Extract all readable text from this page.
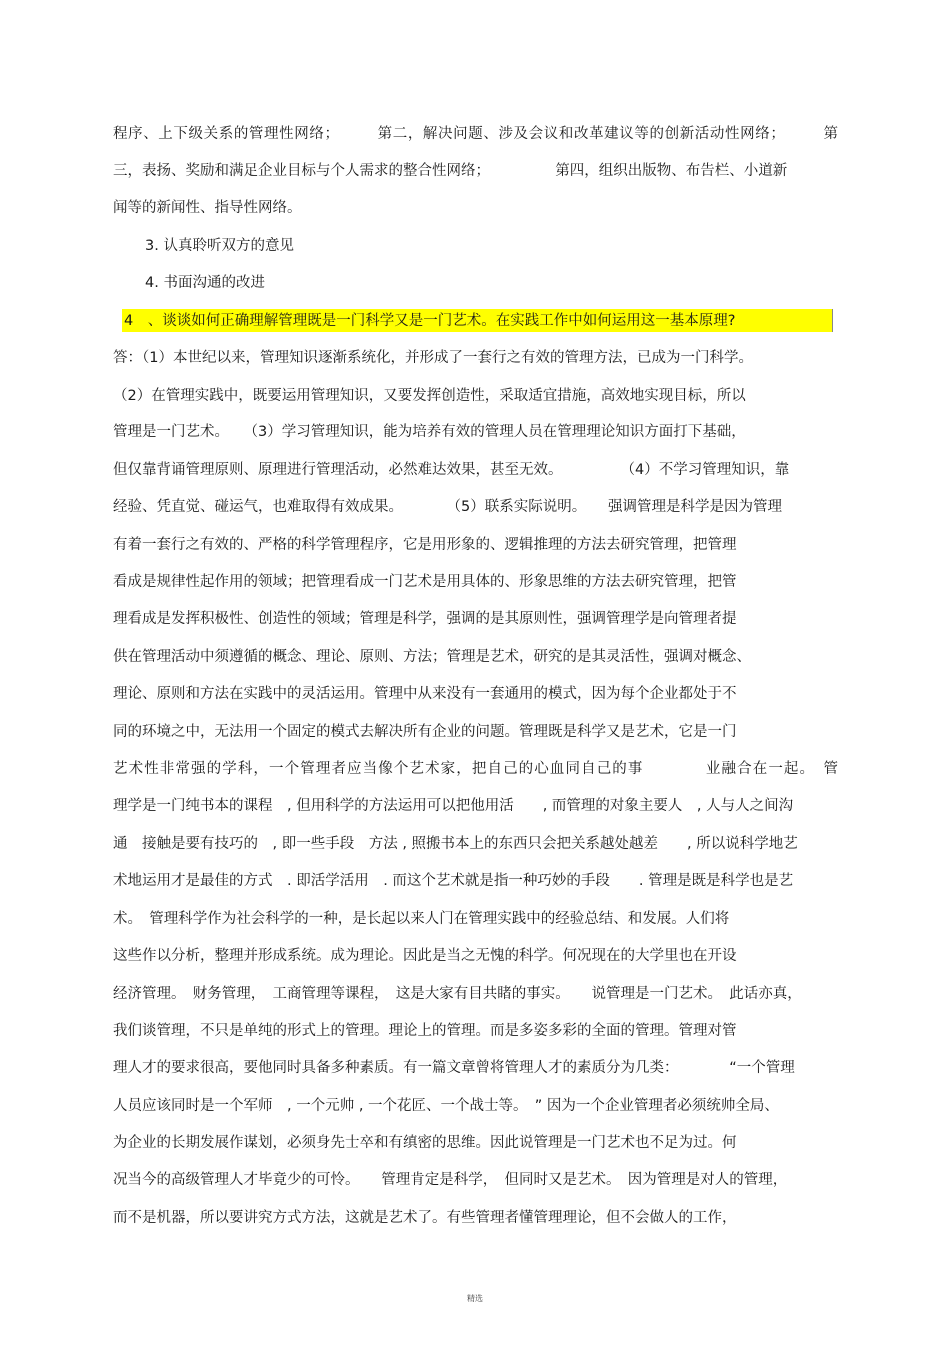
程序、上下级关系的管理性网络；　　　第二，解决问题、涉及会议和改革建议等的创新活动性网络；　　　第
三，表扬、奖励和满足企业目标与个人需求的整合性网络；　　　　　第四，组织出版物、布告栏、小道新
闻等的新闻性、指导性网络。
3. 认真聆听双方的意见
4. 书面沟通的改进
4　、谈谈如何正确理解管理既是一门科学又是一门艺术。在实践工作中如何运用这一基本原理?
答：（1）本世纪以来，管理知识逐渐系统化，并形成了一套行之有效的管理方法，已成为一门科学。
（2）在管理实践中，既要运用管理知识，又要发挥创造性，采取适宜措施，高效地实现目标，所以
管理是一门艺术。　　（3）学习管理知识，能为培养有效的管理人员在管理理论知识方面打下基础，
但仅靠背诵管理原则、原理进行管理活动，必然难达效果，甚至无效。　　　　　（4）不学习管理知识，靠
经验、凭直觉、碰运气，也难取得有效成果。　　　　（5）联系实际说明。　　强调管理是科学是因为管理
有着一套行之有效的、严格的科学管理程序，它是用形象的、逻辑推理的方法去研究管理，把管理
看成是规律性起作用的领域；把管理看成一门艺术是用具体的、形象思维的方法去研究管理，把管
理看成是发挥积极性、创造性的领域；管理是科学，强调的是其原则性，强调管理学是向管理者提
供在管理活动中须遵循的概念、理论、原则、方法；管理是艺术，研究的是其灵活性，强调对概念、
理论、原则和方法在实践中的灵活运用。管理中从来没有一套通用的模式，因为每个企业都处于不
同的环境之中，无法用一个固定的模式去解决所有企业的问题。管理既是科学又是艺术，它是一门
艺术性非常强的学科，一个管理者应当像个艺术家，把自己的心血同自己的事　　　　业融合在一起。　管
理学是一门纯书本的课程　, 但用科学的方法运用可以把他用活　　, 而管理的对象主要人　, 人与人之间沟
通　接触是要有技巧的　, 即一些手段　方法 , 照搬书本上的东西只会把关系越处越差　　, 所以说科学地艺
术地运用才是最佳的方式　. 即活学活用　. 而这个艺术就是指一种巧妙的手段　　. 管理是既是科学也是艺
术。　管理科学作为社会科学的一种，是长起以来人门在管理实践中的经验总结、和发展。人们将
这些作以分析，整理并形成系统。成为理论。因此是当之无愧的科学。何况现在的大学里也在开设
经济管理。　财务管理，　工商管理等课程，　这是大家有目共睹的事实。　　说管理是一门艺术。　此话亦真，
我们谈管理，不只是单纯的形式上的管理。理论上的管理。而是多姿多彩的全面的管理。管理对管
理人才的要求很高，要他同时具备多种素质。有一篇文章曾将管理人才的素质分为几类：　　　　“一个管理
人员应该同时是一个军师　, 一个元帅 , 一个花匠、一个战士等。　” 因为一个企业管理者必须统帅全局、
为企业的长期发展作谋划，必须身先士卒和有缜密的思维。因此说管理是一门艺术也不足为过。何
况当今的高级管理人才毕竟少的可怜。　　管理肯定是科学，　但同时又是艺术。　因为管理是对人的管理，
而不是机器，所以要讲究方式方法，这就是艺术了。有些管理者懂管理理论，但不会做人的工作，
精选
